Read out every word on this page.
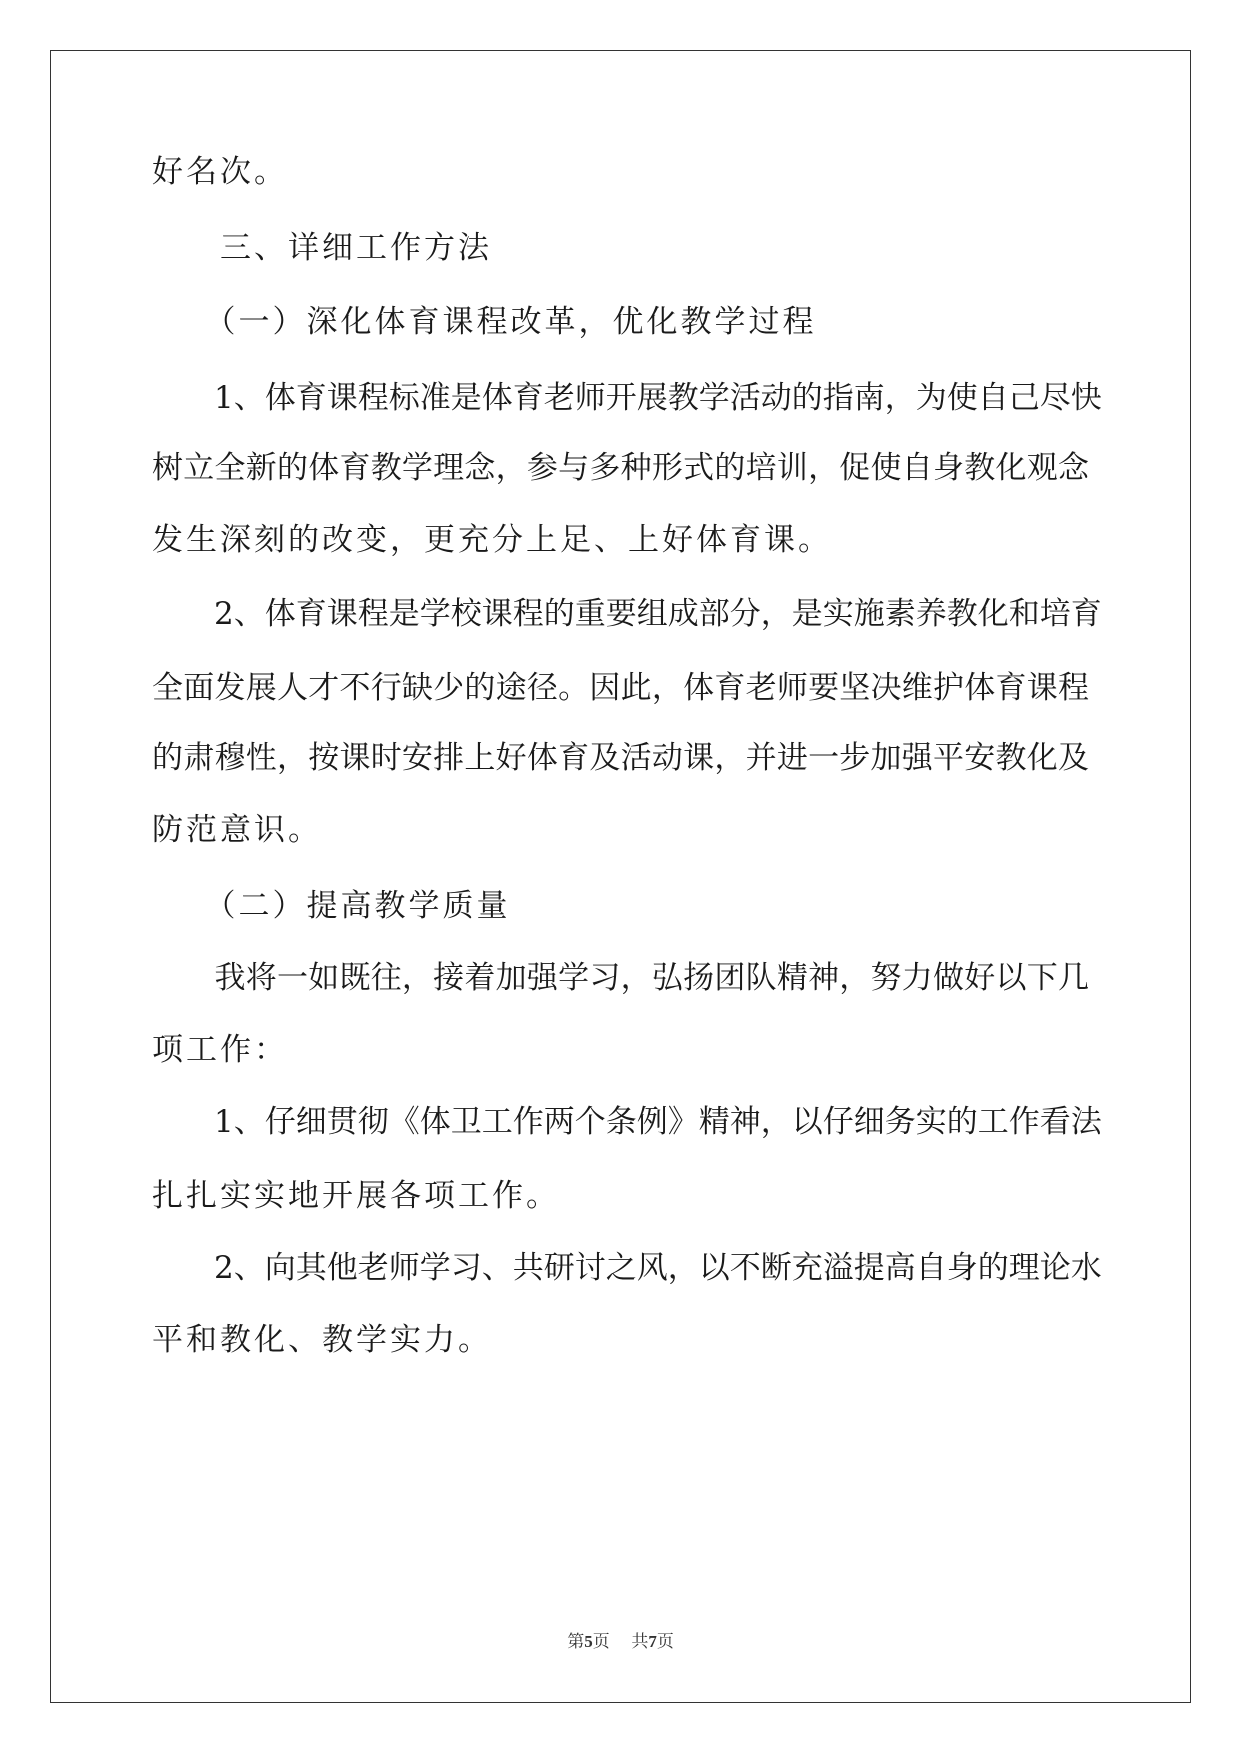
好名次。

　　三、详细工作方法

　　（一）深化体育课程改革，优化教学过程

　　1、体育课程标准是体育老师开展教学活动的指南，为使自己尽快

树立全新的体育教学理念，参与多种形式的培训，促使自身教化观念

发生深刻的改变，更充分上足、上好体育课。

　　2、体育课程是学校课程的重要组成部分，是实施素养教化和培育

全面发展人才不行缺少的途径。因此，体育老师要坚决维护体育课程

的肃穆性，按课时安排上好体育及活动课，并进一步加强平安教化及

防范意识。

　　（二）提高教学质量

　　我将一如既往，接着加强学习，弘扬团队精神，努力做好以下几

项工作：

　　1、仔细贯彻《体卫工作两个条例》精神，以仔细务实的工作看法

扎扎实实地开展各项工作。

　　2、向其他老师学习、共研讨之风，以不断充溢提高自身的理论水

平和教化、教学实力。

第5页 共7页
